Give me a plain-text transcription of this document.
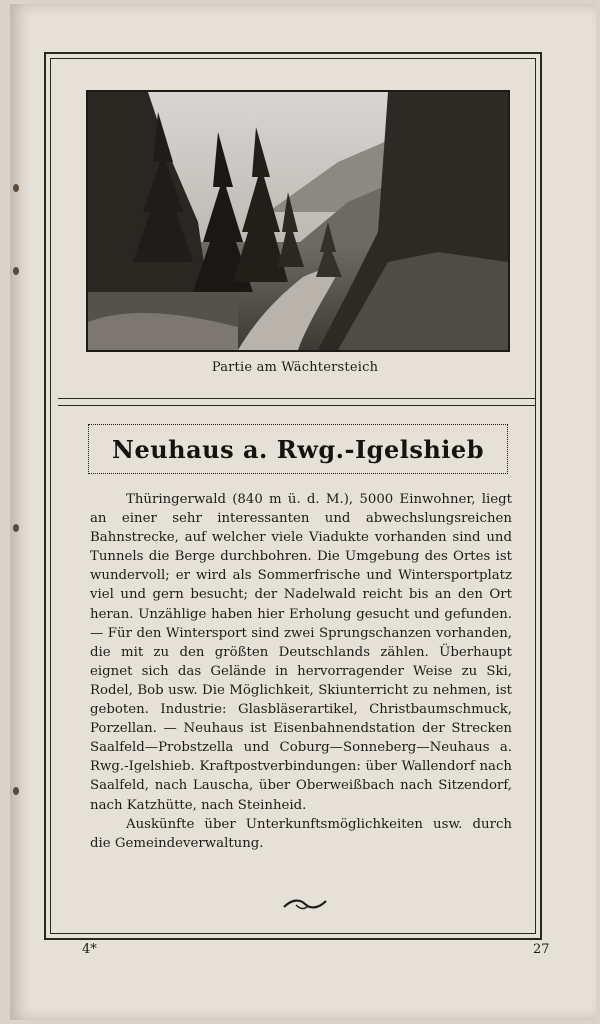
Partie am Wächtersteich
Neuhaus a. Rwg.-Igelshieb

Thüringerwald (840 m ü. d. M.), 5000 Einwohner, liegt an einer sehr interessanten und abwechslungsreichen Bahnstrecke, auf welcher viele Viadukte vorhanden sind und Tunnels die Berge durchbohren. Die Umgebung des Ortes ist wundervoll; er wird als Sommerfrische und Wintersportplatz viel und gern besucht; der Nadelwald reicht bis an den Ort heran. Unzählige haben hier Erholung gesucht und gefunden. — Für den Wintersport sind zwei Sprungschanzen vorhanden, die mit zu den größten Deutschlands zählen. Überhaupt eignet sich das Gelände in hervorragender Weise zu Ski, Rodel, Bob usw. Die Möglichkeit, Skiunterricht zu nehmen, ist geboten. Industrie: Glasbläserartikel, Christbaumschmuck, Porzellan. — Neuhaus ist Eisenbahnendstation der Strecken Saalfeld—Probstzella und Coburg—Sonneberg—Neuhaus a. Rwg.-Igelshieb. Kraftpostverbindungen: über Wallendorf nach Saalfeld, nach Lauscha, über Oberweißbach nach Sitzendorf, nach Katzhütte, nach Steinheid.

Auskünfte über Unterkunftsmöglichkeiten usw. durch die Gemeindeverwaltung.

4*	27
